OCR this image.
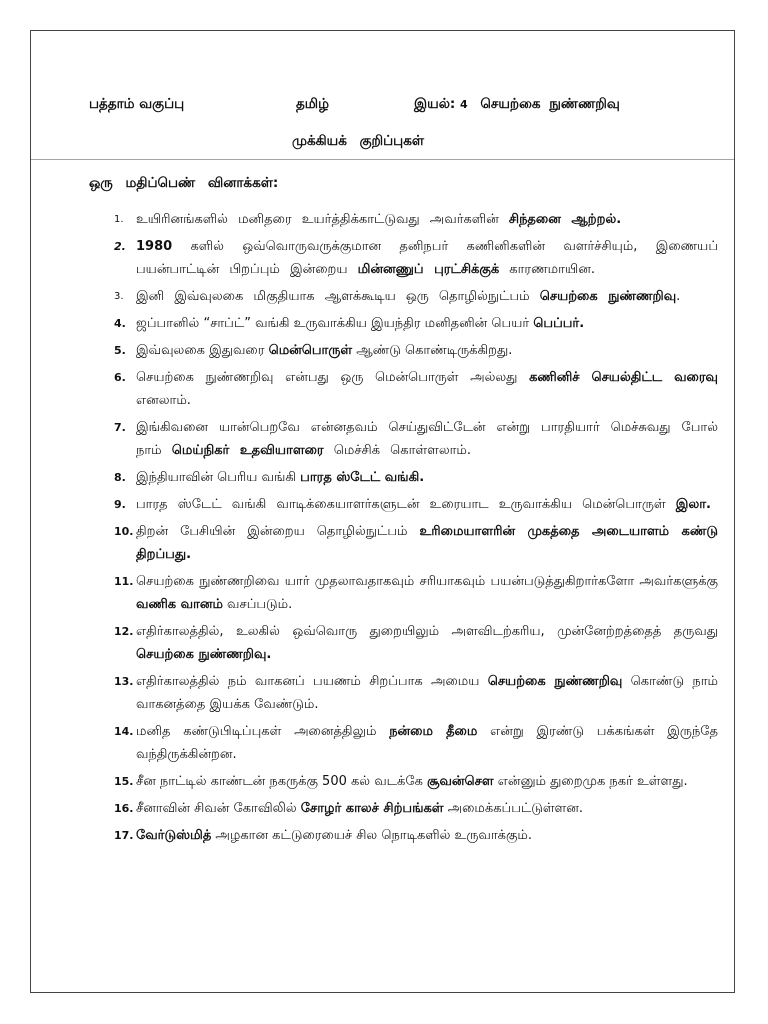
பத்தாம் வகுப்பு	தமிழ்	இயல்: 4 செயற்கை நுண்ணறிவு
முக்கியக் குறிப்புகள்
ஒரு மதிப்பெண் வினாக்கள்:
1. உயிரினங்களில் மனிதரை உயர்த்திக்காட்டுவது அவர்களின் சிந்தனை ஆற்றல்.
2. 1980 களில் ஒவ்வொருவருக்குமான தனிநபர் கணினிகளின் வளர்ச்சியும், இணையப் பயன்பாட்டின் பிறப்பும் இன்றைய மின்னணுப் புரட்சிக்குக் காரணமாயின.
3. இனி இவ்வுலகை மிகுதியாக ஆளக்கூடிய ஒரு தொழில்நுட்பம் செயற்கை நுண்ணறிவு.
4. ஜப்பானில் “சாப்ட்” வங்கி உருவாக்கிய இயந்திர மனிதனின் பெயர் பெப்பர்.
5. இவ்வுலகை இதுவரை மென்பொருள் ஆண்டு கொண்டிருக்கிறது.
6. செயற்கை நுண்ணறிவு என்பது ஒரு மென்பொருள் அல்லது கணினிச் செயல்திட்ட வரைவு எனலாம்.
7. இங்கிவனை யான்பெறவே என்னதவம் செய்துவிட்டேன் என்று பாரதியார் மெச்சுவது போல் நாம் மெய்நிகர் உதவியாளரை மெச்சிக் கொள்ளலாம்.
8. இந்தியாவின் பெரிய வங்கி பாரத ஸ்டேட் வங்கி.
9. பாரத ஸ்டேட் வங்கி வாடிக்கையாளர்களுடன் உரையாட உருவாக்கிய மென்பொருள் இலா.
10. திறன் பேசியின் இன்றைய தொழில்நுட்பம் உரிமையாளரின் முகத்தை அடையாளம் கண்டு திறப்பது.
11. செயற்கை நுண்ணறிவை யார் முதலாவதாகவும் சரியாகவும் பயன்படுத்துகிறார்களோ அவர்களுக்கு வணிக வானம் வசப்படும்.
12. எதிர்காலத்தில், உலகில் ஒவ்வொரு துறையிலும் அளவிடற்கரிய, முன்னேற்றத்தைத் தருவது செயற்கை நுண்ணறிவு.
13. எதிர்காலத்தில் நம் வாகனப் பயணம் சிறப்பாக அமைய செயற்கை நுண்ணறிவு கொண்டு நாம் வாகனத்தை இயக்க வேண்டும்.
14. மனித கண்டுபிடிப்புகள் அனைத்திலும் நன்மை தீமை என்று இரண்டு பக்கங்கள் இருந்தே வந்திருக்கின்றன.
15. சீன நாட்டில் காண்டன் நகருக்கு 500 கல் வடக்கே சூவன்செள என்னும் துறைமுக நகர் உள்ளது.
16. சீனாவின் சிவன் கோவிலில் சோழர் காலச் சிற்பங்கள் அமைக்கப்பட்டுள்ளன.
17. வேர்டுஸ்மித் அழகான கட்டுரையைச் சில நொடிகளில் உருவாக்கும்.
